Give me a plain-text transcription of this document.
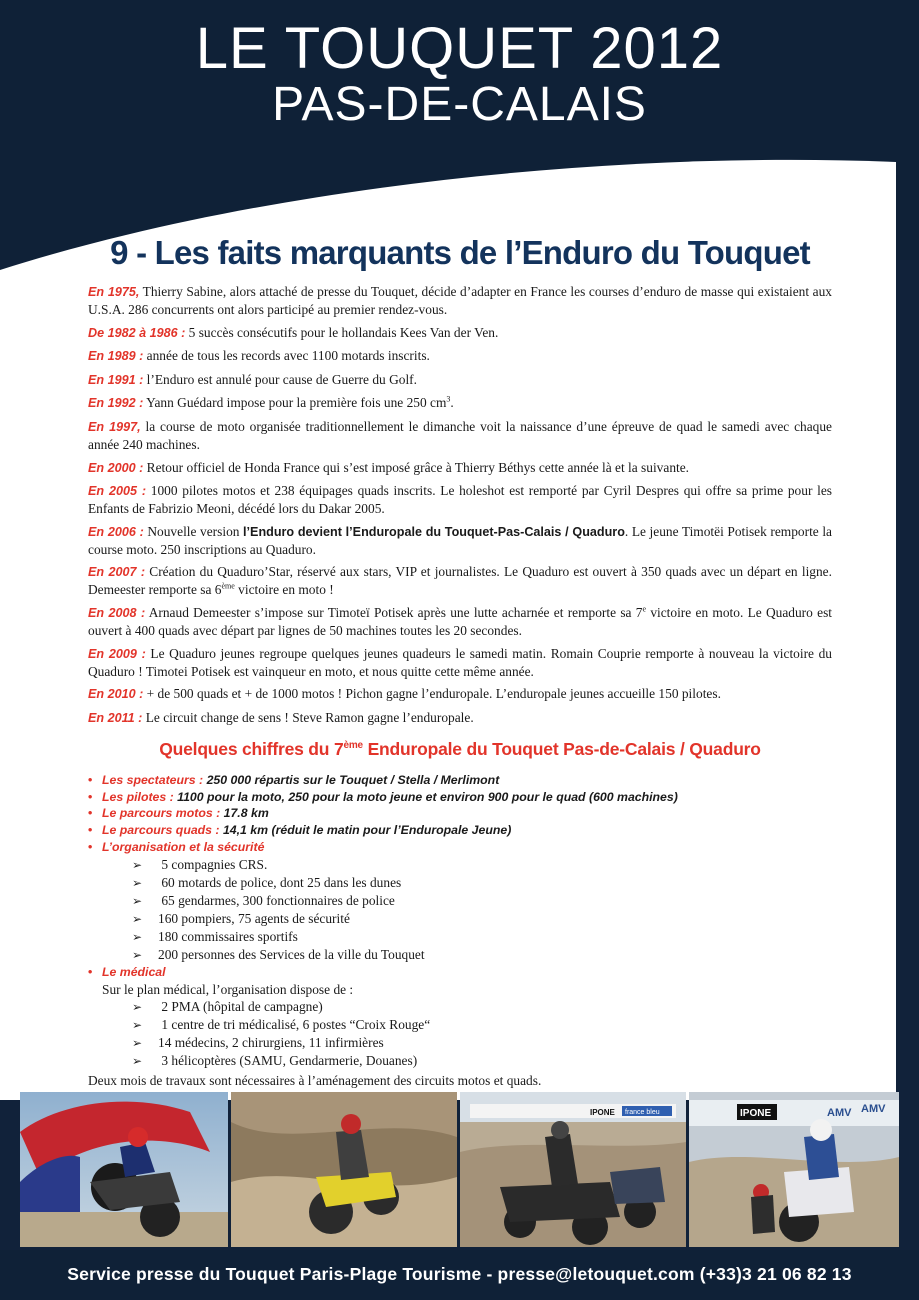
LE TOUQUET 2012
PAS-DE-CALAIS
9 - Les faits marquants de l’Enduro du Touquet
En 1975, Thierry Sabine, alors attaché de presse du Touquet, décide d’adapter en France les courses d’enduro de masse qui existaient aux U.S.A. 286 concurrents ont alors participé au premier rendez-vous.
De 1982 à 1986 : 5 succès consécutifs pour le hollandais Kees Van der Ven.
En 1989 : année de tous les records avec 1100 motards inscrits.
En 1991 : l’Enduro est annulé pour cause de Guerre du Golf.
En 1992 : Yann Guédard impose pour la première fois une 250 $cm^3$.
En 1997, la course de moto organisée traditionnellement le dimanche voit la naissance d’une épreuve de quad le samedi avec chaque année 240 machines.
En 2000 : Retour officiel de Honda France qui s’est imposé grâce à Thierry Béthys cette année là et la suivante.
En 2005 : 1000 pilotes motos et 238 équipages quads inscrits. Le holeshot est remporté par Cyril Despres qui offre sa prime pour les Enfants de Fabrizio Meoni, décédé lors du Dakar 2005.
En 2006 : Nouvelle version l’Enduro devient l’Enduropale du Touquet-Pas-Calais / Quaduro. Le jeune Timotëi Potisek remporte la course moto. 250 inscriptions au Quaduro.
En 2007 : Création du Quaduro’Star, réservé aux stars, VIP et journalistes. Le Quaduro est ouvert à 350 quads avec un départ en ligne. Demeester remporte sa 6ème victoire en moto !
En 2008 : Arnaud Demeester s’impose sur Timoteï Potisek après une lutte acharnée et remporte sa 7e victoire en moto. Le Quaduro est ouvert à 400 quads avec départ par lignes de 50 machines toutes les 20 secondes.
En 2009 : Le Quaduro jeunes regroupe quelques jeunes quadeurs le samedi matin. Romain Couprie remporte à nouveau la victoire du Quaduro ! Timotei Potisek est vainqueur en moto, et nous quitte cette même année.
En 2010 : + de 500 quads et + de 1000 motos ! Pichon gagne l’enduropale. L’enduropale jeunes accueille 150 pilotes.
En 2011 : Le circuit change de sens ! Steve Ramon gagne l’enduropale.
Quelques chiffres du 7ème Enduropale du Touquet Pas-de-Calais / Quaduro
• Les spectateurs : 250 000 répartis sur le Touquet / Stella / Merlimont
• Les pilotes : 1100 pour la moto, 250 pour la moto jeune et environ 900 pour le quad (600 machines)
• Le parcours motos : 17.8 km
• Le parcours quads : 14,1 km (réduit le matin pour l’Enduropale Jeune)
• L’organisation et la sécurité
➢ 5 compagnies CRS.
➢ 60 motards de police, dont 25 dans les dunes
➢ 65 gendarmes, 300 fonctionnaires de police
➢ 160 pompiers, 75 agents de sécurité
➢ 180 commissaires sportifs
➢ 200 personnes des Services de la ville du Touquet
• Le médical
Sur le plan médical, l’organisation dispose de :
➢ 2 PMA (hôpital de campagne)
➢ 1 centre de tri médicalisé, 6 postes “Croix Rouge“
➢ 14 médecins, 2 chirurgiens, 11 infirmières
➢ 3 hélicoptères (SAMU, Gendarmerie, Douanes)

Deux mois de travaux sont nécessaires à l’aménagement des circuits motos et quads.

IPONE france bleu	IPONE	AMV AMV
Service presse du Touquet Paris-Plage Tourisme - presse@letouquet.com (+33)3 21 06 82 13
